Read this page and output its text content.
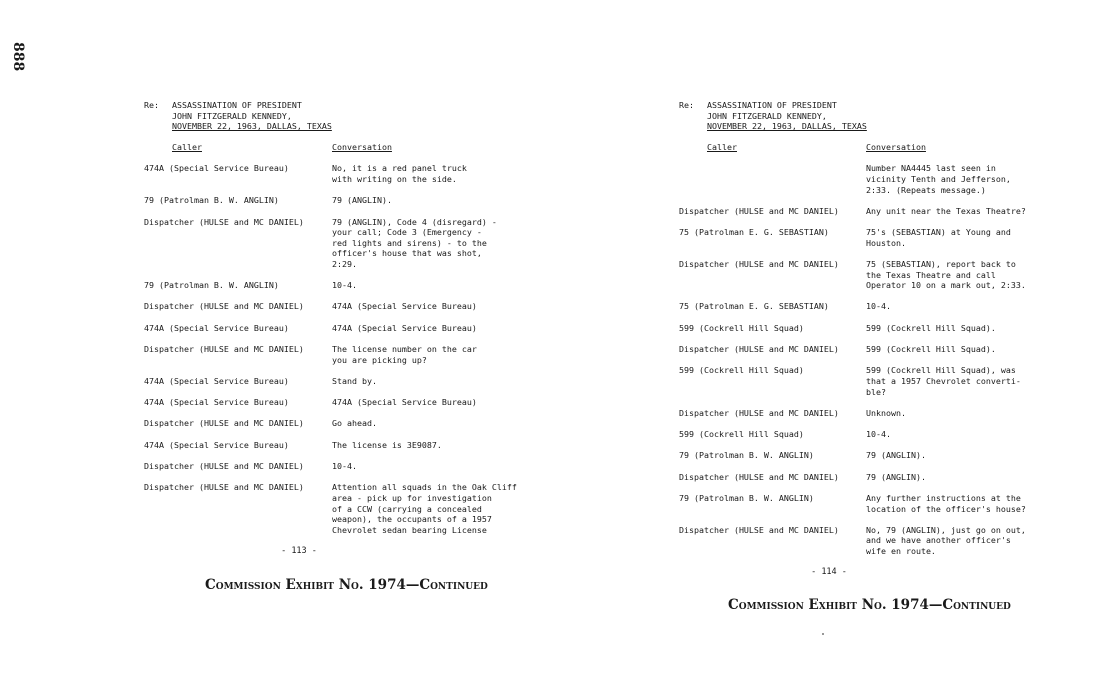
888
Re:	ASSASSINATION OF PRESIDENT
JOHN FITZGERALD KENNEDY,
NOVEMBER 22, 1963, DALLAS, TEXAS
Caller	Conversation
474A (Special Service Bureau)	No, it is a red panel truck
with writing on the side.
79 (Patrolman B. W. ANGLIN)	79 (ANGLIN).
Dispatcher (HULSE and MC DANIEL)	79 (ANGLIN), Code 4 (disregard) -
your call; Code 3 (Emergency -
red lights and sirens) - to the
officer's house that was shot,
2:29.
79 (Patrolman B. W. ANGLIN)	10-4.
Dispatcher (HULSE and MC DANIEL)	474A (Special Service Bureau)
474A (Special Service Bureau)	474A (Special Service Bureau)
Dispatcher (HULSE and MC DANIEL)	The license number on the car
you are picking up?
474A (Special Service Bureau)	Stand by.
474A (Special Service Bureau)	474A (Special Service Bureau)
Dispatcher (HULSE and MC DANIEL)	Go ahead.
474A (Special Service Bureau)	The license is 3E9087.
Dispatcher (HULSE and MC DANIEL)	10-4.
Dispatcher (HULSE and MC DANIEL)	Attention all squads in the Oak Cliff
area - pick up for investigation
of a CCW (carrying a concealed
weapon), the occupants of a 1957
Chevrolet sedan bearing License
- 113 -
Re:	ASSASSINATION OF PRESIDENT
JOHN FITZGERALD KENNEDY,
NOVEMBER 22, 1963, DALLAS, TEXAS
Caller	Conversation
Number NA4445 last seen in
vicinity Tenth and Jefferson,
2:33. (Repeats message.)
Dispatcher (HULSE and MC DANIEL)	Any unit near the Texas Theatre?
75 (Patrolman E. G. SEBASTIAN)	75's (SEBASTIAN) at Young and
Houston.
Dispatcher (HULSE and MC DANIEL)	75 (SEBASTIAN), report back to
the Texas Theatre and call
Operator 10 on a mark out, 2:33.
75 (Patrolman E. G. SEBASTIAN)	10-4.
599 (Cockrell Hill Squad)	599 (Cockrell Hill Squad).
Dispatcher (HULSE and MC DANIEL)	599 (Cockrell Hill Squad).
599 (Cockrell Hill Squad)	599 (Cockrell Hill Squad), was
that a 1957 Chevrolet converti-
ble?
Dispatcher (HULSE and MC DANIEL)	Unknown.
599 (Cockrell Hill Squad)	10-4.
79 (Patrolman B. W. ANGLIN)	79 (ANGLIN).
Dispatcher (HULSE and MC DANIEL)	79 (ANGLIN).
79 (Patrolman B. W. ANGLIN)	Any further instructions at the
location of the officer's house?
Dispatcher (HULSE and MC DANIEL)	No, 79 (ANGLIN), just go on out,
and we have another officer's
wife en route.
- 114 -
Commission Exhibit No. 1974—Continued
Commission Exhibit No. 1974—Continued
